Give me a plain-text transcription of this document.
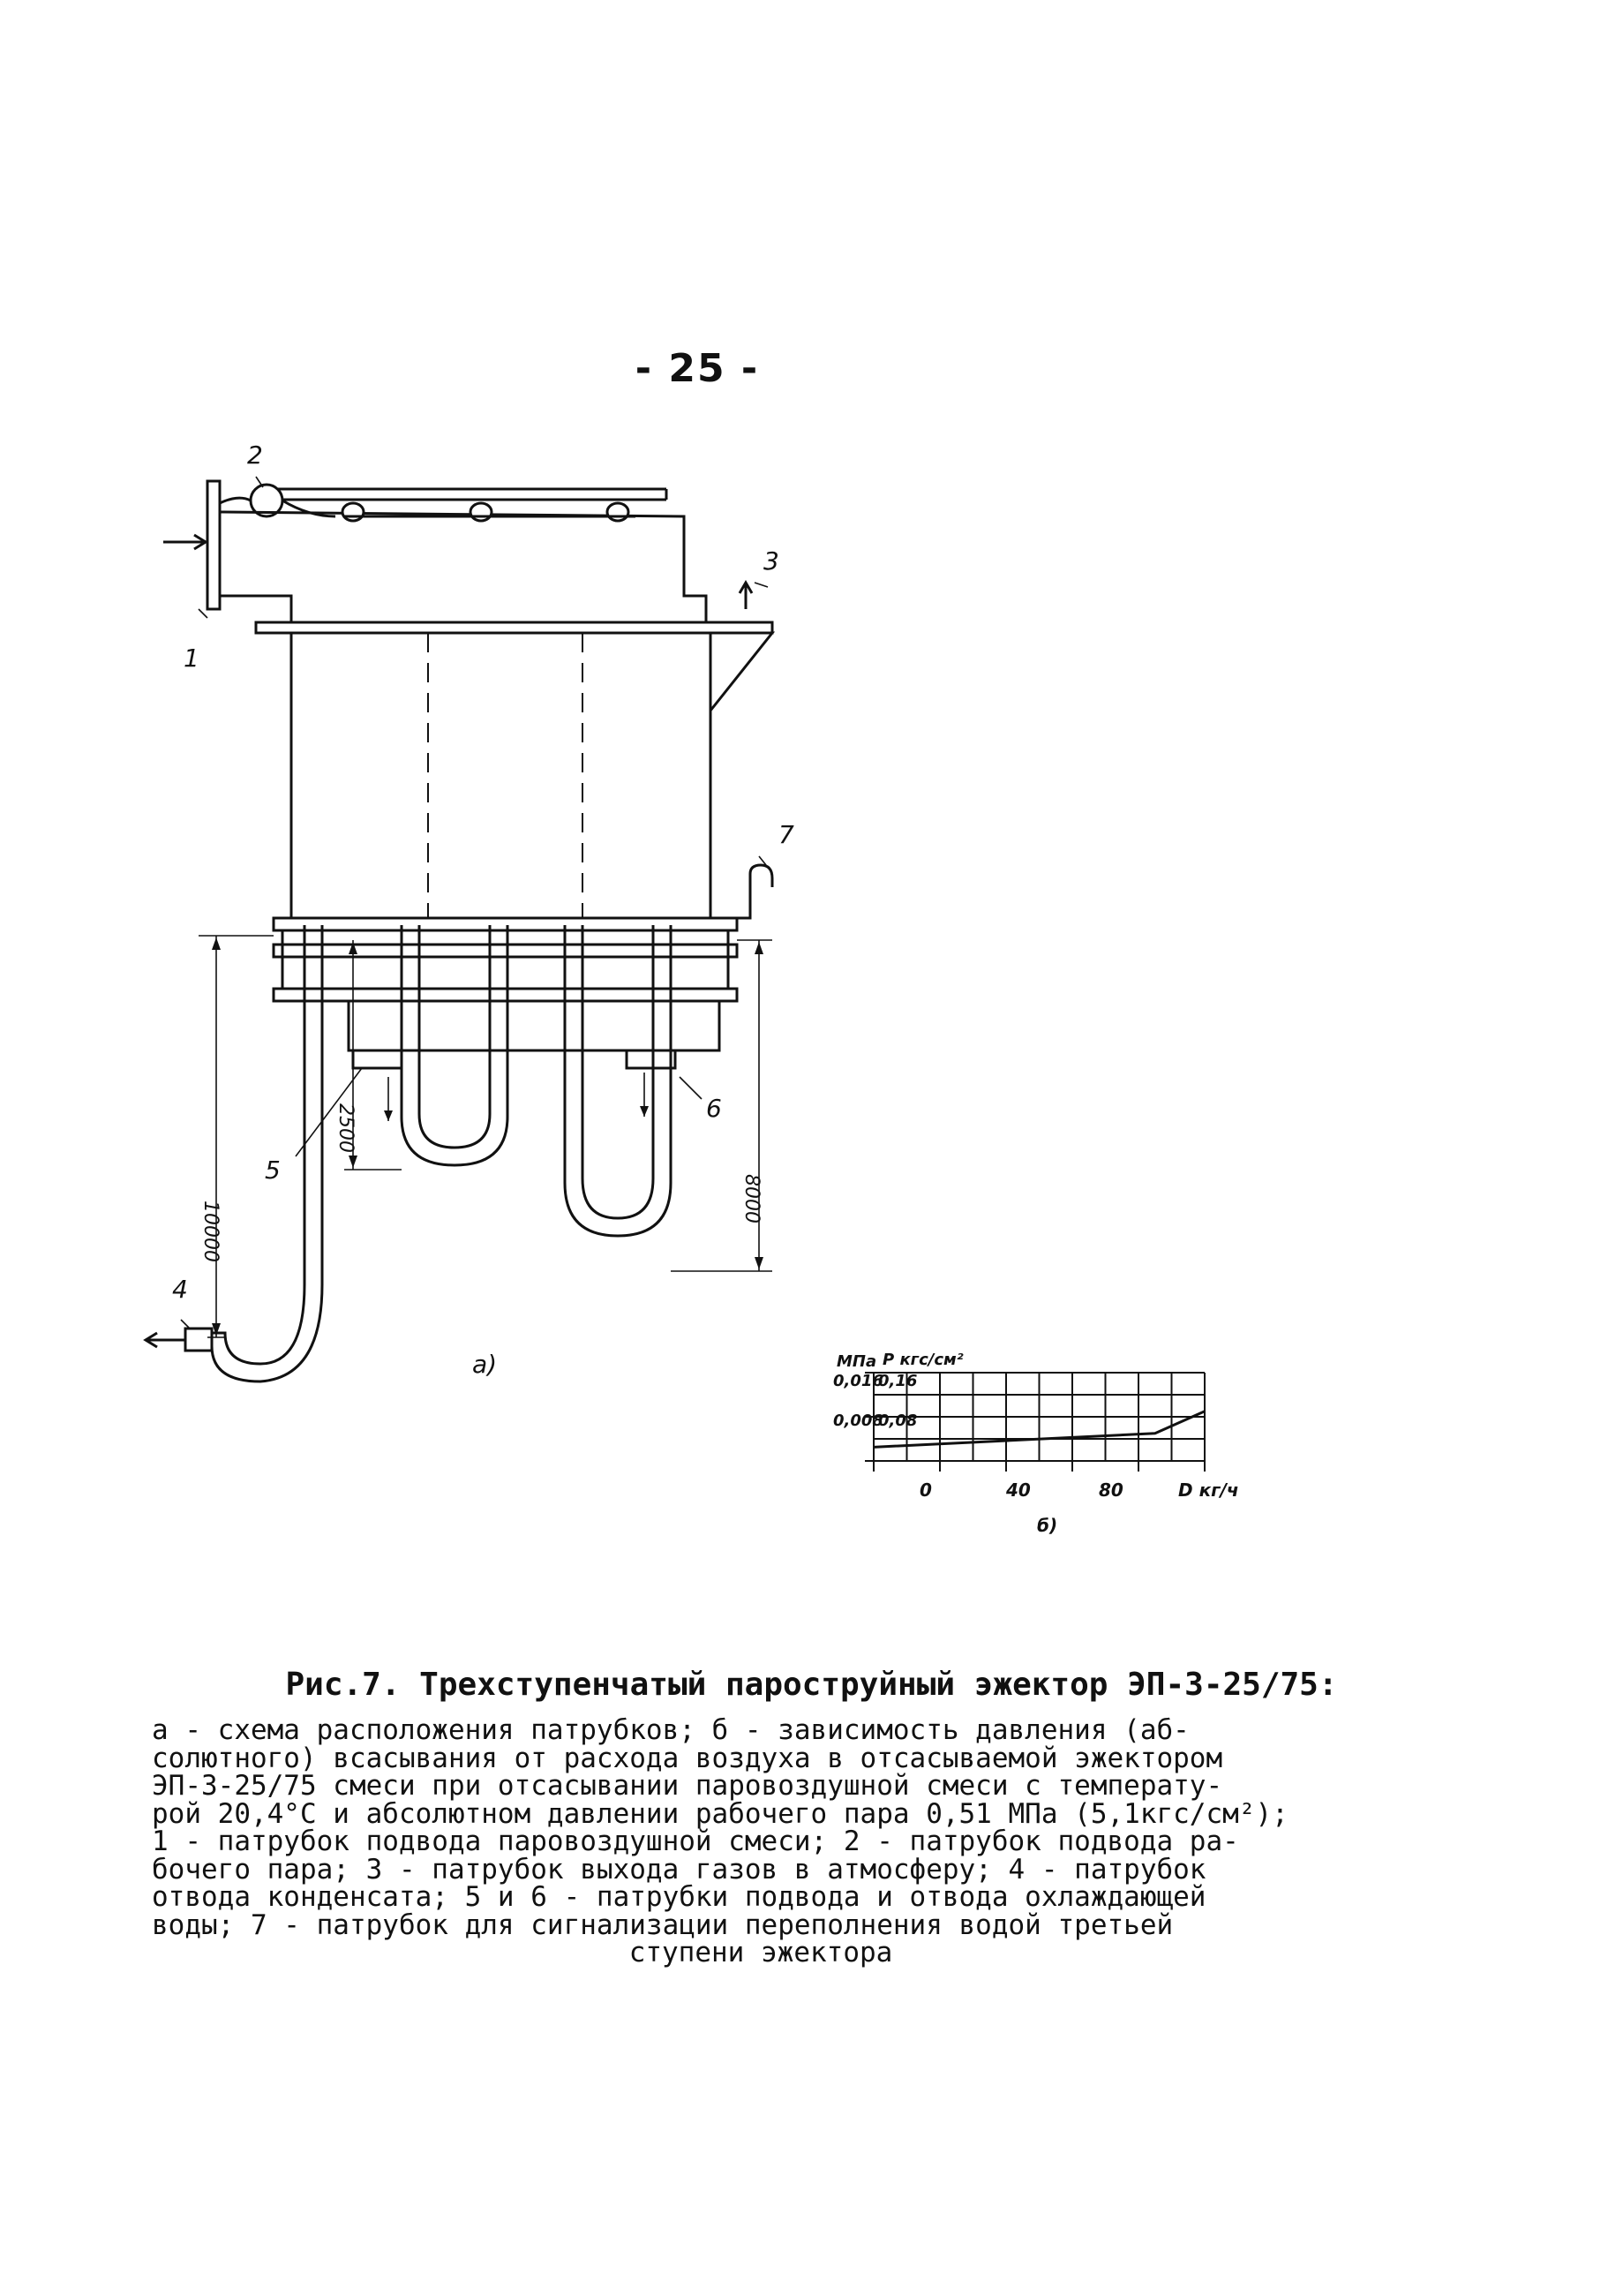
- 25 -
2
1
3
7
5
6
4
а)
10000
2500
8000
МПа Р кгс/см²
0,016
0,008
0,16
0,08
0	40	80	D кг/ч
б)
Рис.7. Трехступенчатый пароструйный эжектор ЭП-3-25/75:
а - схема расположения патрубков; б - зависимость давления (аб-
солютного) всасывания от расхода воздуха в отсасываемой эжектором
ЭП-3-25/75 смеси при отсасывании паровоздушной смеси с температу-
рой 20,4°С и абсолютном давлении рабочего пара 0,51 МПа (5,1кгс/см²);
1 - патрубок подвода паровоздушной смеси; 2 - патрубок подвода ра-
бочего пара; 3 - патрубок выхода газов в атмосферу; 4 - патрубок
отвода конденсата; 5 и 6 - патрубки подвода и отвода охлаждающей
воды; 7 - патрубок для сигнализации переполнения водой третьей
ступени эжектора
